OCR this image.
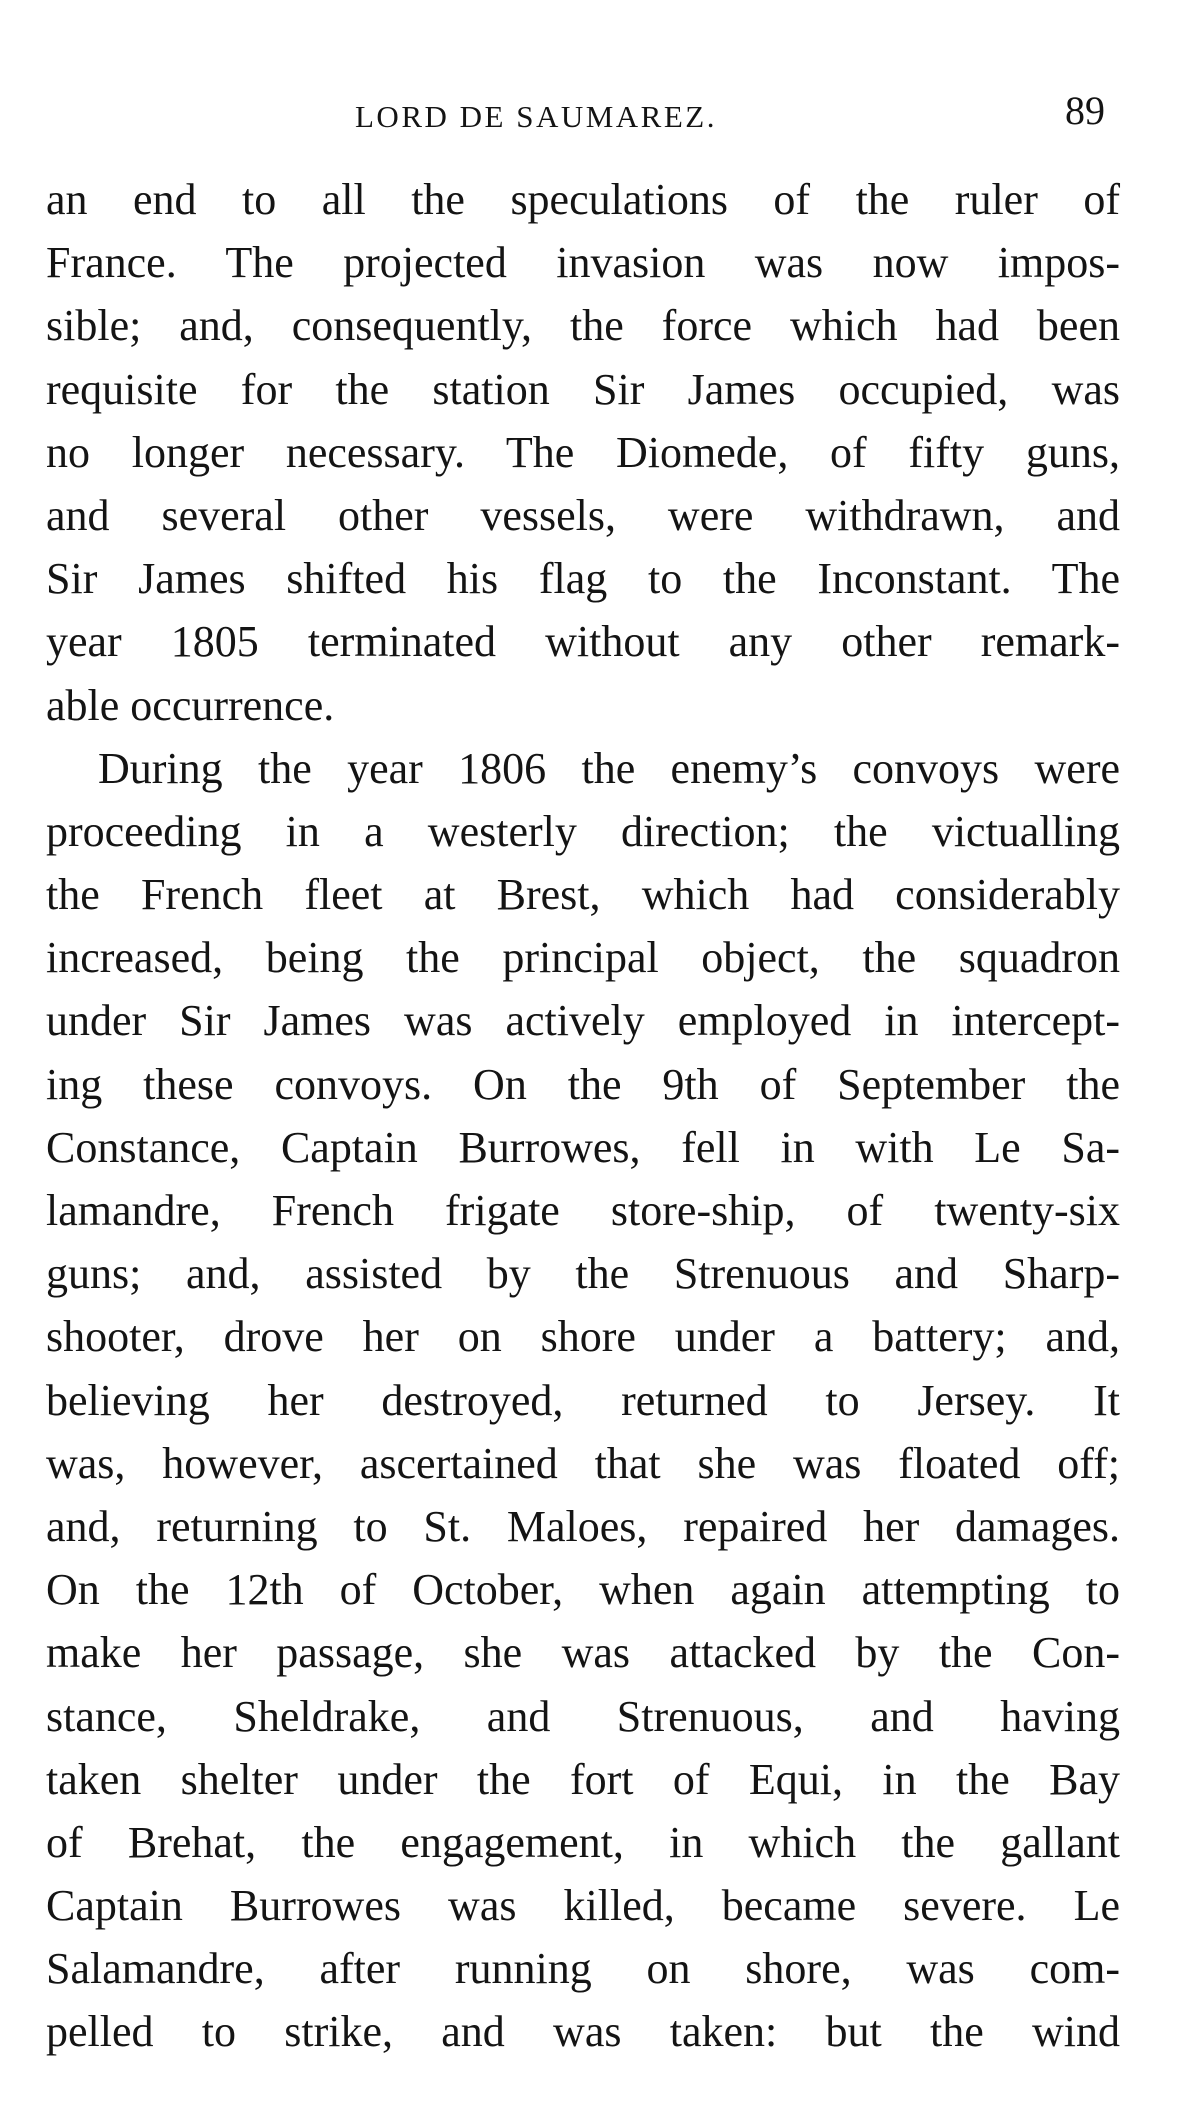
LORD DE SAUMAREZ.	89
an end to all the speculations of the ruler of
France. The projected invasion was now impos-
sible; and, consequently, the force which had been
requisite for the station Sir James occupied, was
no longer necessary. The Diomede, of fifty guns,
and several other vessels, were withdrawn, and
Sir James shifted his flag to the Inconstant. The
year 1805 terminated without any other remark-
able occurrence.
During the year 1806 the enemy’s convoys were
proceeding in a westerly direction; the victualling
the French fleet at Brest, which had considerably
increased, being the principal object, the squadron
under Sir James was actively employed in intercept-
ing these convoys. On the 9th of September the
Constance, Captain Burrowes, fell in with Le Sa-
lamandre, French frigate store-ship, of twenty-six
guns; and, assisted by the Strenuous and Sharp-
shooter, drove her on shore under a battery; and,
believing her destroyed, returned to Jersey. It
was, however, ascertained that she was floated off;
and, returning to St. Maloes, repaired her damages.
On the 12th of October, when again attempting to
make her passage, she was attacked by the Con-
stance, Sheldrake, and Strenuous, and having
taken shelter under the fort of Equi, in the Bay
of Brehat, the engagement, in which the gallant
Captain Burrowes was killed, became severe. Le
Salamandre, after running on shore, was com-
pelled to strike, and was taken: but the wind
